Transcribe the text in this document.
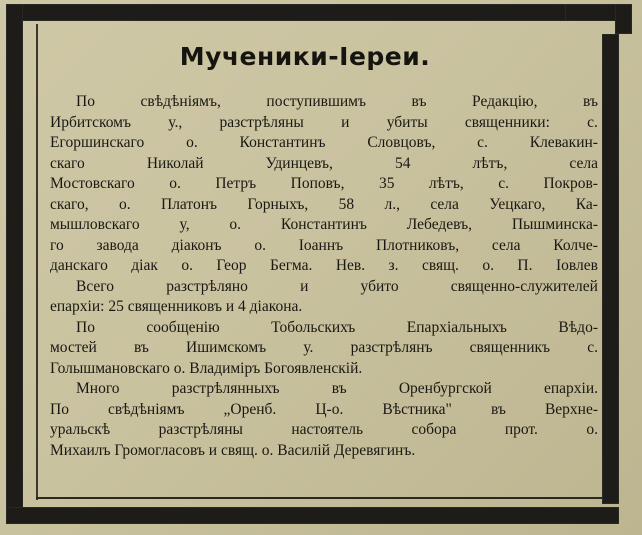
Мученики-Іереи.
По	свѣдѣніямъ,	поступившимъ	въ	Редакцію,	въ
Ирбитскомъ у., разстрѣляны и убиты священники: с.
Егоршинскаго	о.	Константинъ	Словцовъ,	с.	Клевакин-
скаго	Николай	Удинцевъ,	54	лѣтъ,	села
Мостовскаго о. Петръ Поповъ, 35 лѣтъ, с. Покров-
скаго, о. Платонъ Горныхъ, 58 л., села Уецкаго, Ка-
мышловскаго	у,	о.	Константинъ	Лебедевъ,	Пышминска-
го завода діаконъ о. Іоаннъ Плотниковъ, села Колче-
данскаго діак о. Геор Бегма. Нев. з. свящ. о. П. Іовлев
Всего	разстрѣляно	и	убито	священно-служителей
епархіи: 25 священниковъ и 4 діакона.
По	сообщенію	Тобольскихъ	Епархіальныхъ	Вѣдо-
мостей въ Ишимскомъ у. разстрѣлянъ священникъ с.
Голышмановскаго о. Владиміръ Богоявленскій.
Много	разстрѣлянныхъ	въ	Оренбургской	епархіи.
По	свѣдѣніямъ	„Оренб.	Ц-о.	Вѣстника"	въ	Верхне-
уральскѣ	разстрѣляны	настоятель	собора	прот.	о.
Михаилъ Громогласовъ и свящ. о. Василій Деревягинъ.
